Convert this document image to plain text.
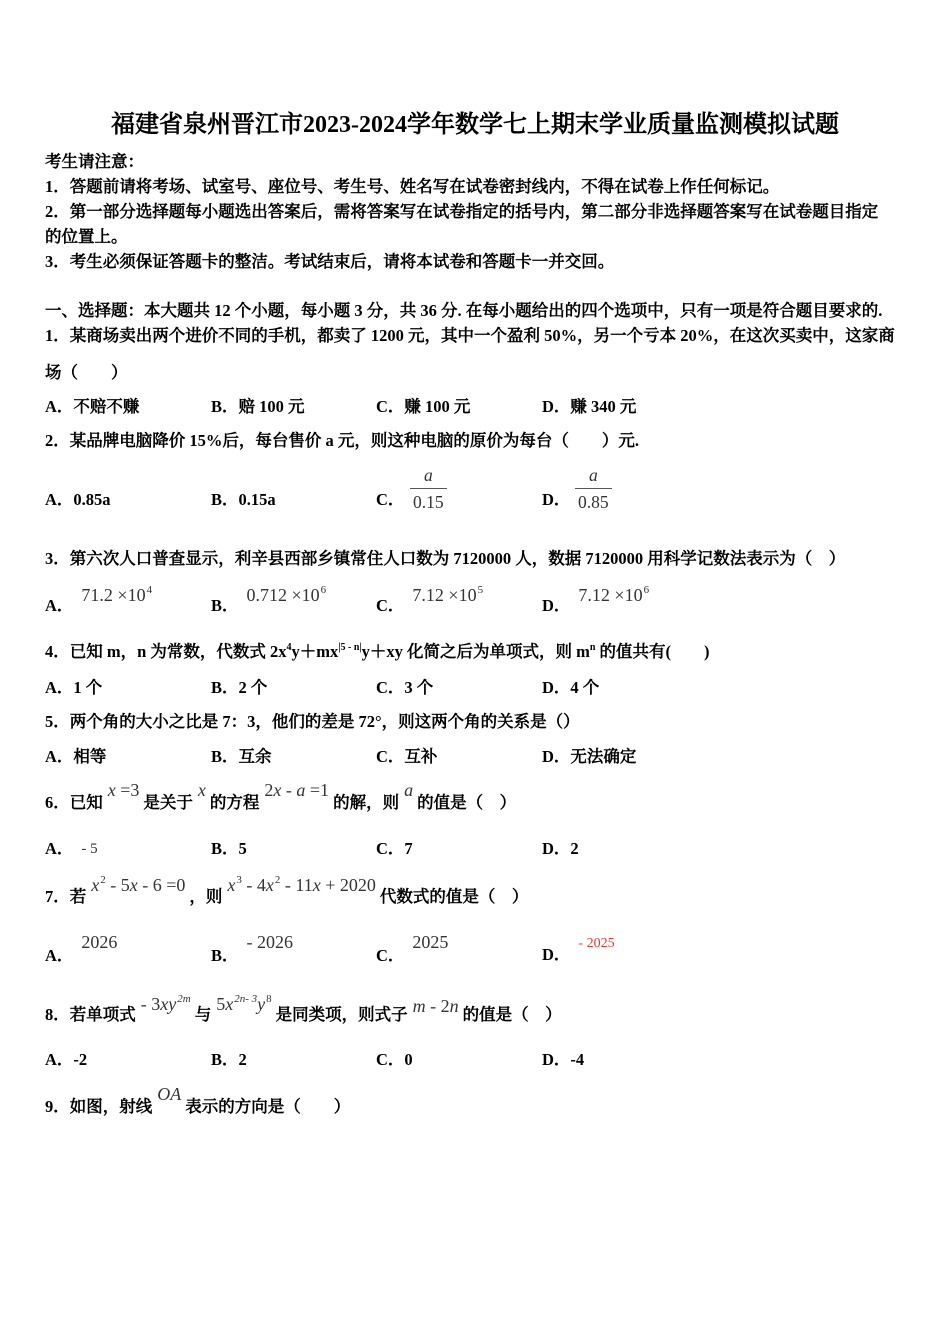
福建省泉州晋江市2023-2024学年数学七上期末学业质量监测模拟试题
考生请注意：
1．答题前请将考场、试室号、座位号、考生号、姓名写在试卷密封线内，不得在试卷上作任何标记。
2．第一部分选择题每小题选出答案后，需将答案写在试卷指定的括号内，第二部分非选择题答案写在试卷题目指定
的位置上。
3．考生必须保证答题卡的整洁。考试结束后，请将本试卷和答题卡一并交回。
一、选择题：本大题共 12 个小题，每小题 3 分，共 36 分. 在每小题给出的四个选项中，只有一项是符合题目要求的.
1．某商场卖出两个进价不同的手机，都卖了 1200 元，其中一个盈利 50%，另一个亏本 20%，在这次买卖中，这家商
场（　　）
A．不赔不赚	B．赔 100 元	C．赚 100 元	D．赚 340 元
2．某品牌电脑降价 15%后，每台售价 a 元，则这种电脑的原价为每台（　　）元.
A．0.85a	B．0.15a	C．
a
0.15	D．
a
0.85
3．第六次人口普查显示，利辛县西部乡镇常住人口数为 7120000 人，数据 7120000 用科学记数法表示为（　）
A．$71.2 \times 10^4$
B．$0.712 \times 10^6$
C．$7.12 \times 10^5$
D．$7.12 \times 10^6$
4．已知 m，n 为常数，代数式 $2x^4y+mx^{|5 - n|}y+xy$ 化简之后为单项式，则 $m^n$ 的值共有(　　)
A．1 个	B．2 个	C．3 个	D．4 个
5．两个角的大小之比是 7：3，他们的差是 72°，则这两个角的关系是（）
A．相等	B．互余	C．互补	D．无法确定
6．已知x =3是关于x的方程2x - a =1的解，则a的值是（　）
A． - 5	B．5	C．7	D．2
7．若$x^2 - 5x - 6 =0$，则$x^3 - 4x^2 - 11x + 2020$代数式的值是（　）
A．2026
B．- 2026
C．2025
D．$^{- 2025}$
8．若单项式- $3xy^{2m}$与$5x^{2n- 3}y^8$是同类项，则式子 m - 2n 的值是（　）
A．-2	B．2	C．0	D．-4
9．如图，射线OA表示的方向是（　　）
